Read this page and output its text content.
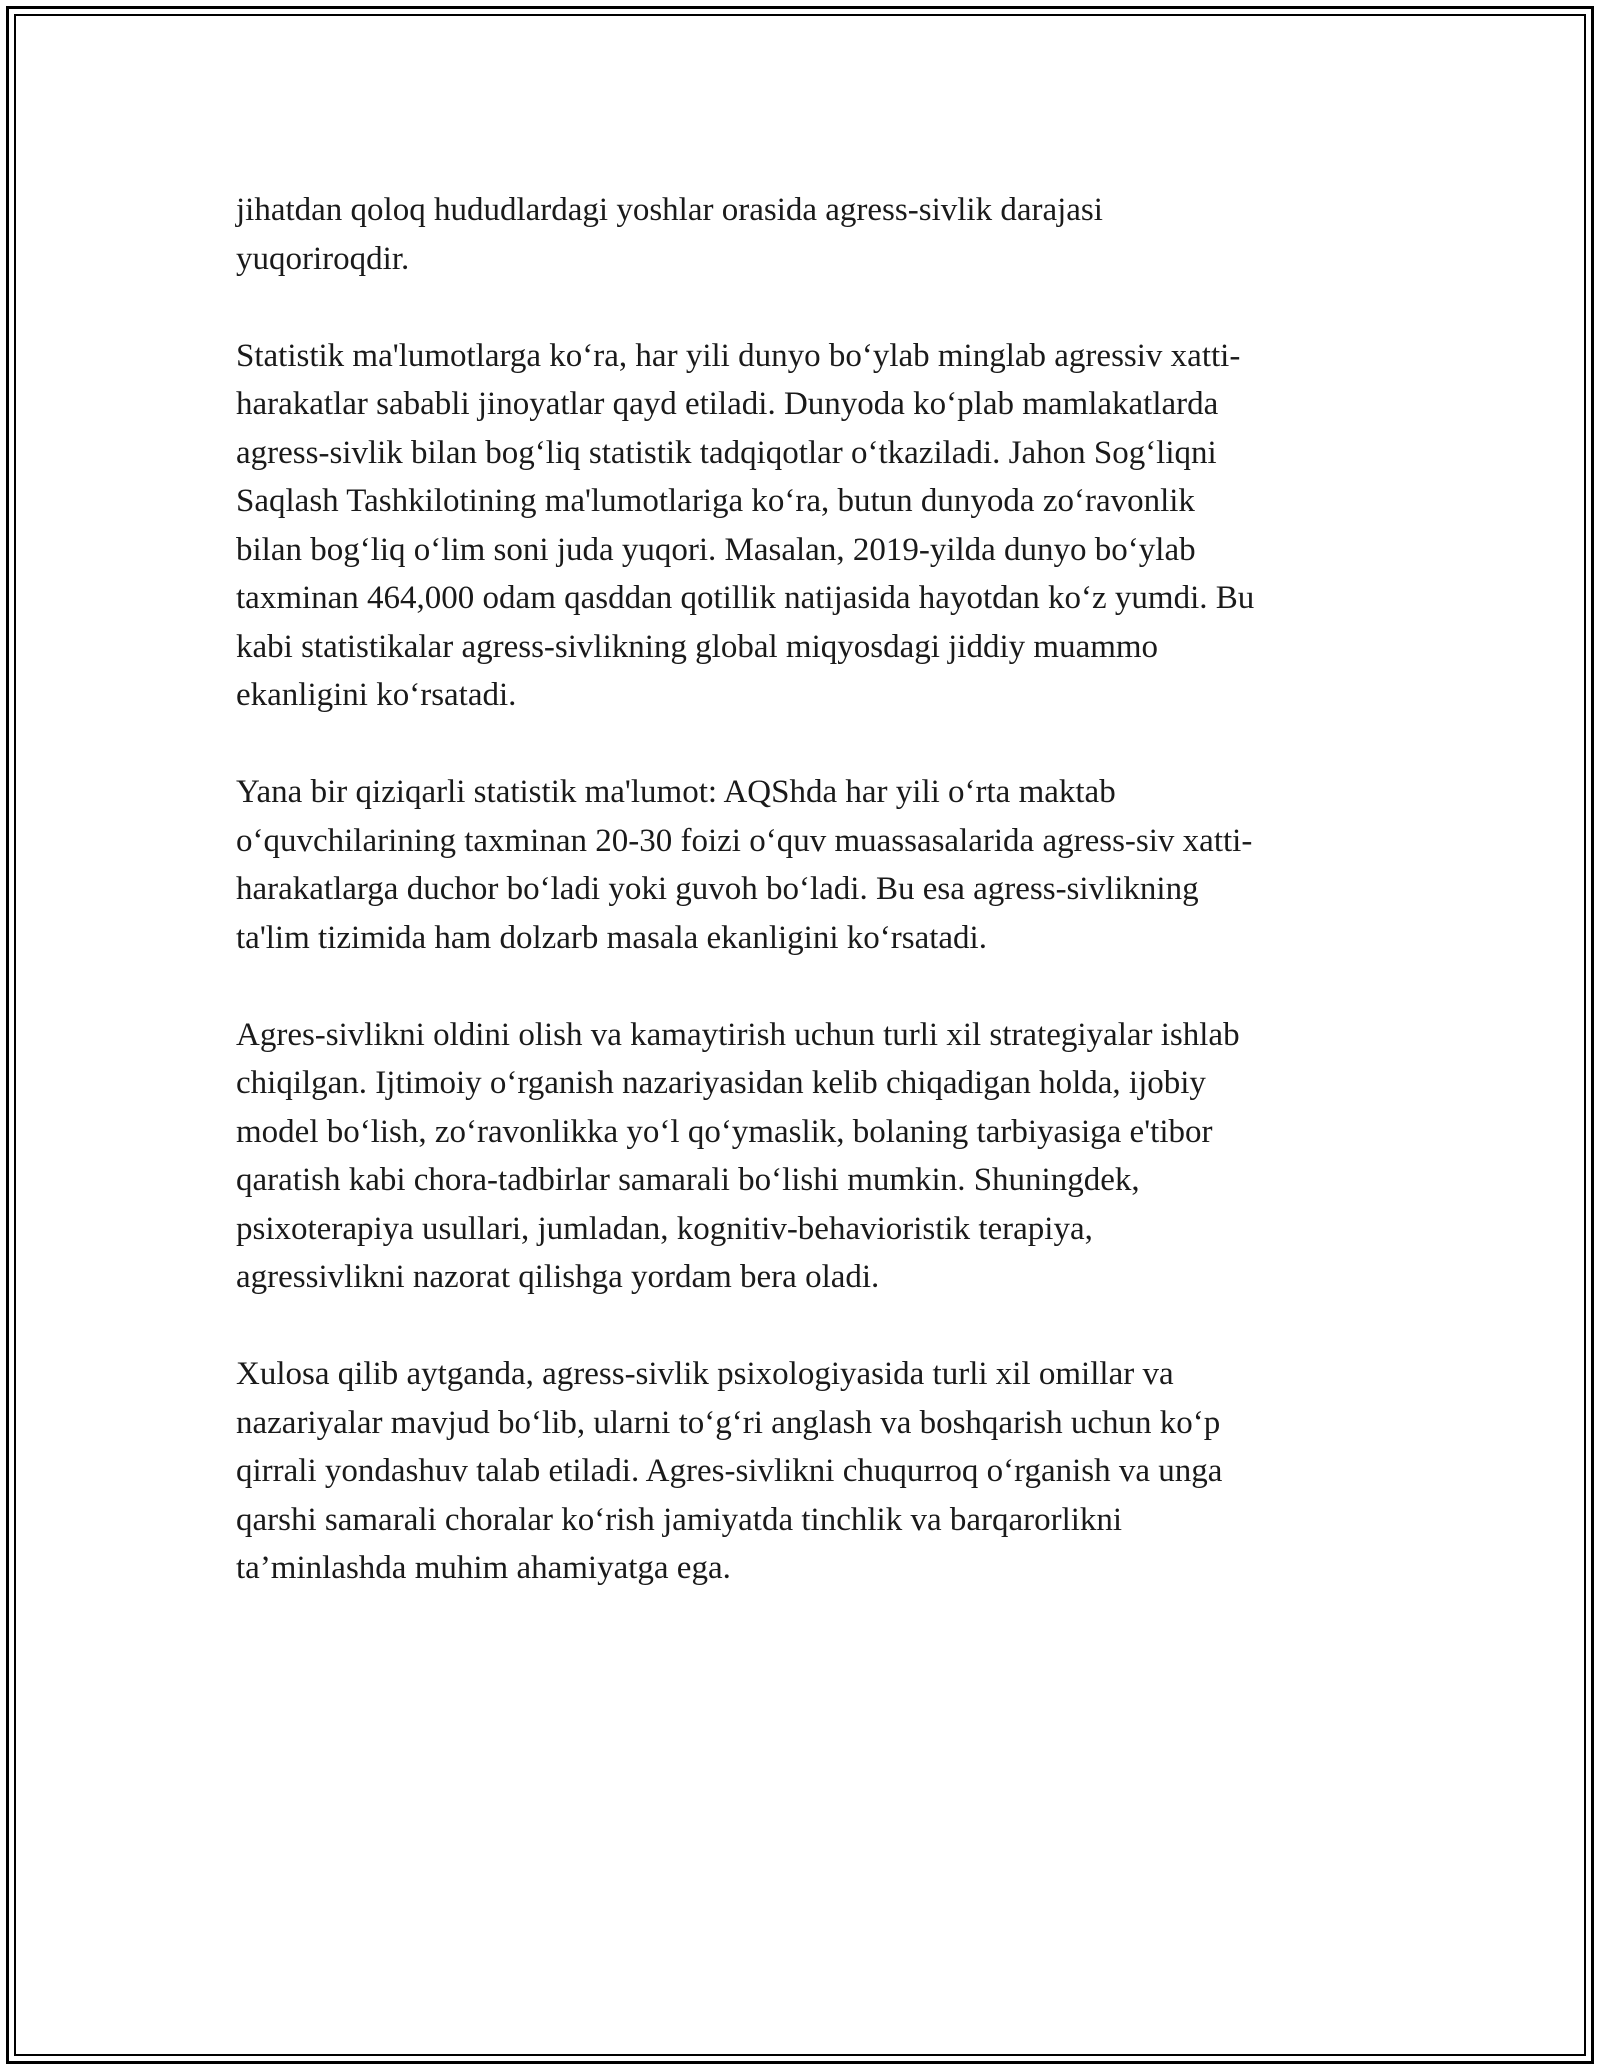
jihatdan qoloq hududlardagi yoshlar orasida agress-sivlik darajasi
yuqoriroqdir.

Statistik ma'lumotlarga koʻra, har yili dunyo boʻylab minglab agressiv xatti-
harakatlar sababli jinoyatlar qayd etiladi. Dunyoda koʻplab mamlakatlarda
agress-sivlik bilan bogʻliq statistik tadqiqotlar oʻtkaziladi. Jahon Sogʻliqni
Saqlash Tashkilotining ma'lumotlariga koʻra, butun dunyoda zoʻravonlik
bilan bogʻliq oʻlim soni juda yuqori. Masalan, 2019-yilda dunyo boʻylab
taxminan 464,000 odam qasddan qotillik natijasida hayotdan koʻz yumdi. Bu
kabi statistikalar agress-sivlikning global miqyosdagi jiddiy muammo
ekanligini koʻrsatadi.

Yana bir qiziqarli statistik ma'lumot: AQShda har yili oʻrta maktab
oʻquvchilarining taxminan 20-30 foizi oʻquv muassasalarida agress-siv xatti-
harakatlarga duchor boʻladi yoki guvoh boʻladi. Bu esa agress-sivlikning
ta'lim tizimida ham dolzarb masala ekanligini koʻrsatadi.

Agres-sivlikni oldini olish va kamaytirish uchun turli xil strategiyalar ishlab
chiqilgan. Ijtimoiy oʻrganish nazariyasidan kelib chiqadigan holda, ijobiy
model boʻlish, zoʻravonlikka yoʻl qoʻymaslik, bolaning tarbiyasiga e'tibor
qaratish kabi chora-tadbirlar samarali boʻlishi mumkin. Shuningdek,
psixoterapiya usullari, jumladan, kognitiv-behavioristik terapiya,
agressivlikni nazorat qilishga yordam bera oladi.

Xulosa qilib aytganda, agress-sivlik psixologiyasida turli xil omillar va
nazariyalar mavjud boʻlib, ularni toʻgʻri anglash va boshqarish uchun koʻp
qirrali yondashuv talab etiladi. Agres-sivlikni chuqurroq oʻrganish va unga
qarshi samarali choralar koʻrish jamiyatda tinchlik va barqarorlikni
ta’minlashda muhim ahamiyatga ega.
